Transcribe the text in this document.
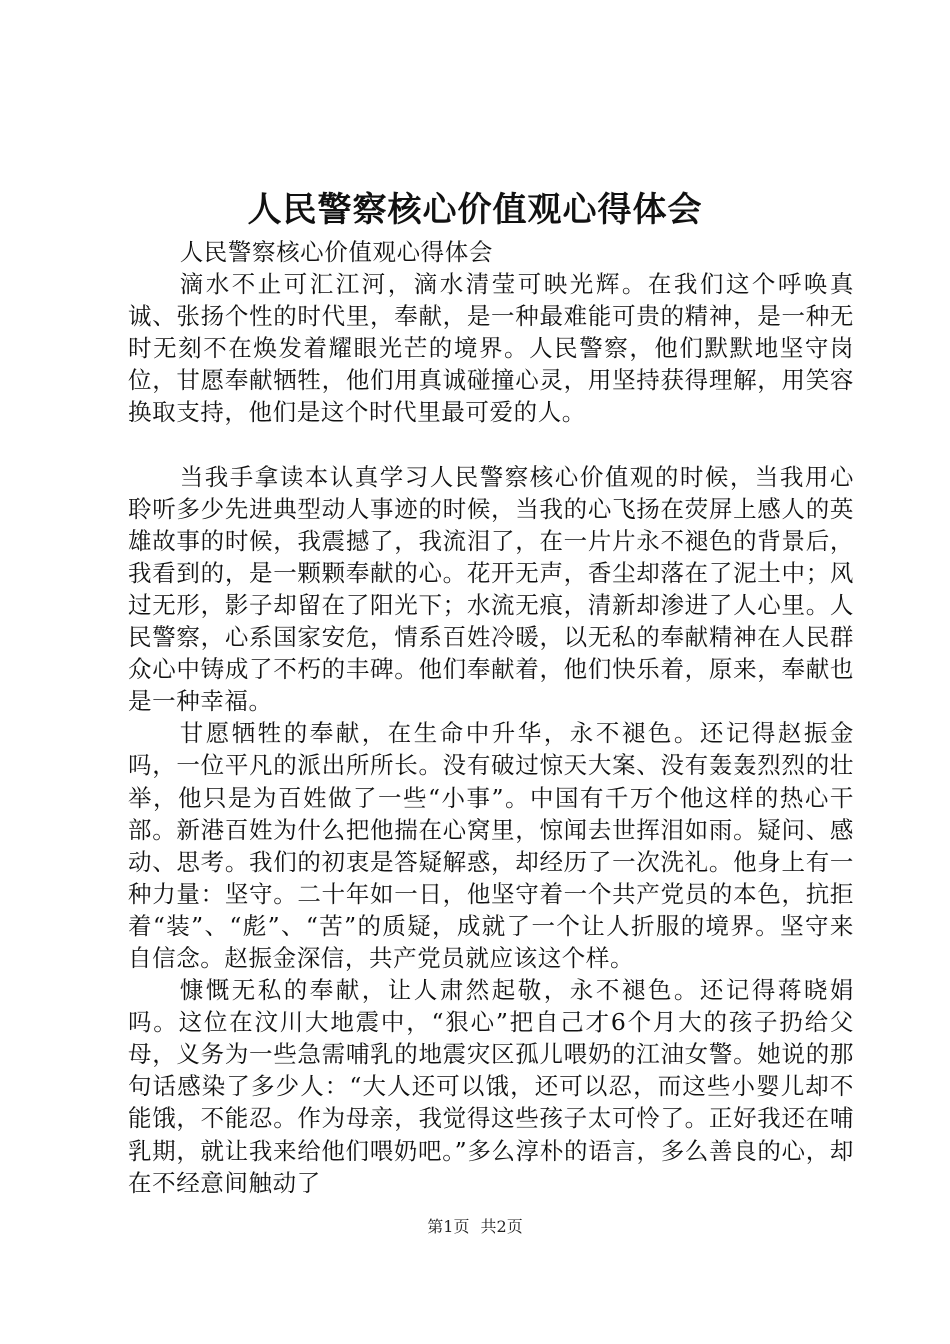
人民警察核心价值观心得体会

人民警察核心价值观心得体会

滴水不止可汇江河，滴水清莹可映光辉。在我们这个呼唤真诚、张扬个性的时代里，奉献，是一种最难能可贵的精神，是一种无时无刻不在焕发着耀眼光芒的境界。人民警察，他们默默地坚守岗位，甘愿奉献牺牲，他们用真诚碰撞心灵，用坚持获得理解，用笑容换取支持，他们是这个时代里最可爱的人。

当我手拿读本认真学习人民警察核心价值观的时候，当我用心聆听多少先进典型动人事迹的时候，当我的心飞扬在荧屏上感人的英雄故事的时候，我震撼了，我流泪了，在一片片永不褪色的背景后，我看到的，是一颗颗奉献的心。花开无声，香尘却落在了泥土中；风过无形，影子却留在了阳光下；水流无痕，清新却渗进了人心里。人民警察，心系国家安危，情系百姓冷暖，以无私的奉献精神在人民群众心中铸成了不朽的丰碑。他们奉献着，他们快乐着，原来，奉献也是一种幸福。

甘愿牺牲的奉献，在生命中升华，永不褪色。还记得赵振金吗，一位平凡的派出所所长。没有破过惊天大案、没有轰轰烈烈的壮举，他只是为百姓做了一些“小事”。中国有千万个他这样的热心干部。新港百姓为什么把他揣在心窝里，惊闻去世挥泪如雨。疑问、感动、思考。我们的初衷是答疑解惑，却经历了一次洗礼。他身上有一种力量：坚守。二十年如一日，他坚守着一个共产党员的本色，抗拒着“装”、“彪”、“苦”的质疑，成就了一个让人折服的境界。坚守来自信念。赵振金深信，共产党员就应该这个样。

慷慨无私的奉献，让人肃然起敬，永不褪色。还记得蒋晓娟吗。这位在汶川大地震中，“狠心”把自己才6个月大的孩子扔给父母，义务为一些急需哺乳的地震灾区孤儿喂奶的江油女警。她说的那句话感染了多少人：“大人还可以饿，还可以忍，而这些小婴儿却不能饿，不能忍。作为母亲，我觉得这些孩子太可怜了。正好我还在哺乳期，就让我来给他们喂奶吧。”多么淳朴的语言，多么善良的心，却在不经意间触动了

第1页 共2页
